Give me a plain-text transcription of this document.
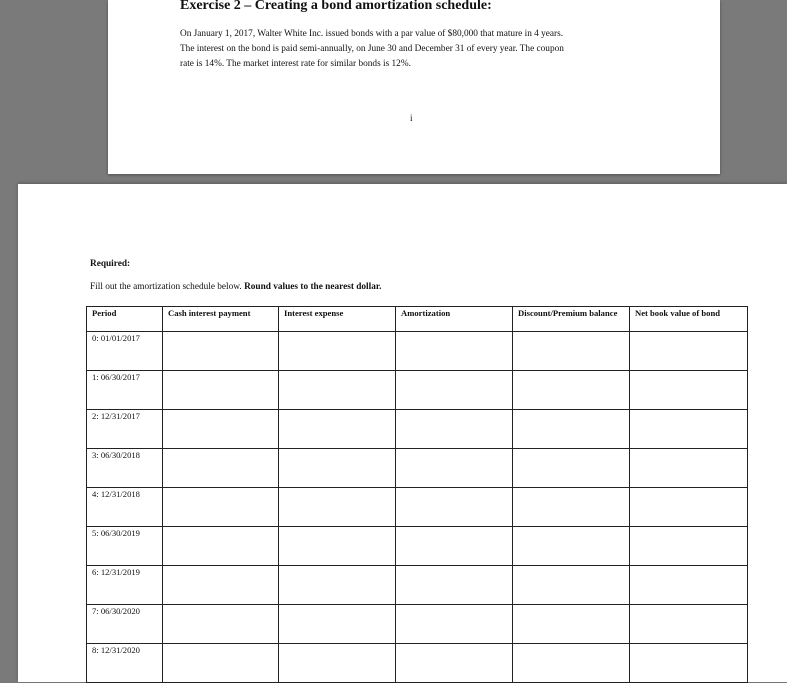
Exercise 2 – Creating a bond amortization schedule:
On January 1, 2017, Walter White Inc. issued bonds with a par value of $80,000 that mature in 4 years.
The interest on the bond is paid semi-annually, on June 30 and December 31 of every year. The coupon
rate is 14%. The market interest rate for similar bonds is 12%.
i
Required:
Fill out the amortization schedule below. Round values to the nearest dollar.
Period	Cash interest payment	Interest expense	Amortization	Discount/Premium balance	Net book value of bond
0: 01/01/2017					
1: 06/30/2017					
2: 12/31/2017					
3: 06/30/2018					
4: 12/31/2018					
5: 06/30/2019					
6: 12/31/2019					
7: 06/30/2020					
8: 12/31/2020					
